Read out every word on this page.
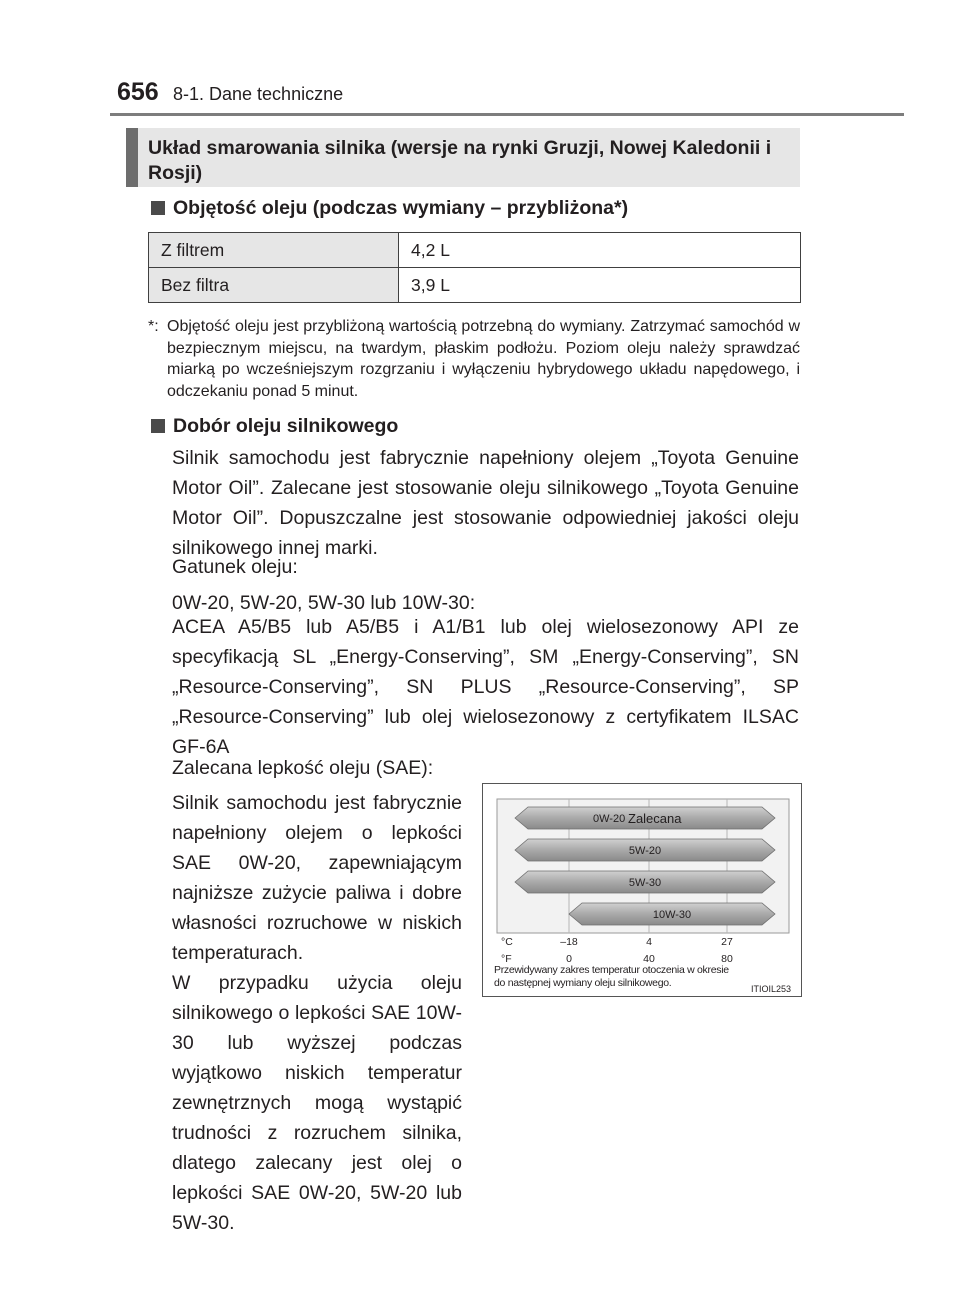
656 8-1. Dane techniczne
Układ smarowania silnika (wersje na rynki Gruzji, Nowej Kaledonii i Rosji)
Objętość oleju (podczas wymiany – przybliżona*)
Z filtrem	4,2 L
Bez filtra	3,9 L
*: Objętość oleju jest przybliżoną wartością potrzebną do wymiany. Zatrzymać samochód w bezpiecznym miejscu, na twardym, płaskim podłożu. Poziom oleju należy sprawdzać miarką po wcześniejszym rozgrzaniu i wyłączeniu hybrydowego układu napędowego, i odczekaniu ponad 5 minut.
Dobór oleju silnikowego
Silnik samochodu jest fabrycznie napełniony olejem „Toyota Genuine Motor Oil”. Zalecane jest stosowanie oleju silnikowego „Toyota Genuine Motor Oil”. Dopuszczalne jest stosowanie odpowiedniej jakości oleju silnikowego innej marki.
Gatunek oleju:
0W-20, 5W-20, 5W-30 lub 10W-30:
ACEA A5/B5 lub A5/B5 i A1/B1 lub olej wielosezonowy API ze specyfikacją SL „Energy-Conserving”, SM „Energy-Conserving”, SN „Resource-Conserving”, SN PLUS „Resource-Conserving”, SP „Resource-Conserving” lub olej wielosezonowy z certyfikatem ILSAC GF-6A
Zalecana lepkość oleju (SAE):
Silnik samochodu jest fabrycznie napełniony olejem o lepkości SAE 0W-20, zapewniającym najniższe zużycie paliwa i dobre własności rozruchowe w niskich temperaturach.
W przypadku użycia oleju silnikowego o lepkości SAE 10W-30 lub wyższej podczas wyjątkowo niskich temperatur zewnętrznych mogą wystąpić trudności z rozruchem silnika, dlatego zalecany jest olej o lepkości SAE 0W-20, 5W-20 lub 5W-30.
0W-20 Zalecana
5W-20
5W-30
10W-30
°C
°F
–18	4	27
0	40	80
Przewidywany zakres temperatur otoczenia w okresie do następnej wymiany oleju silnikowego.	ITIOIL253
